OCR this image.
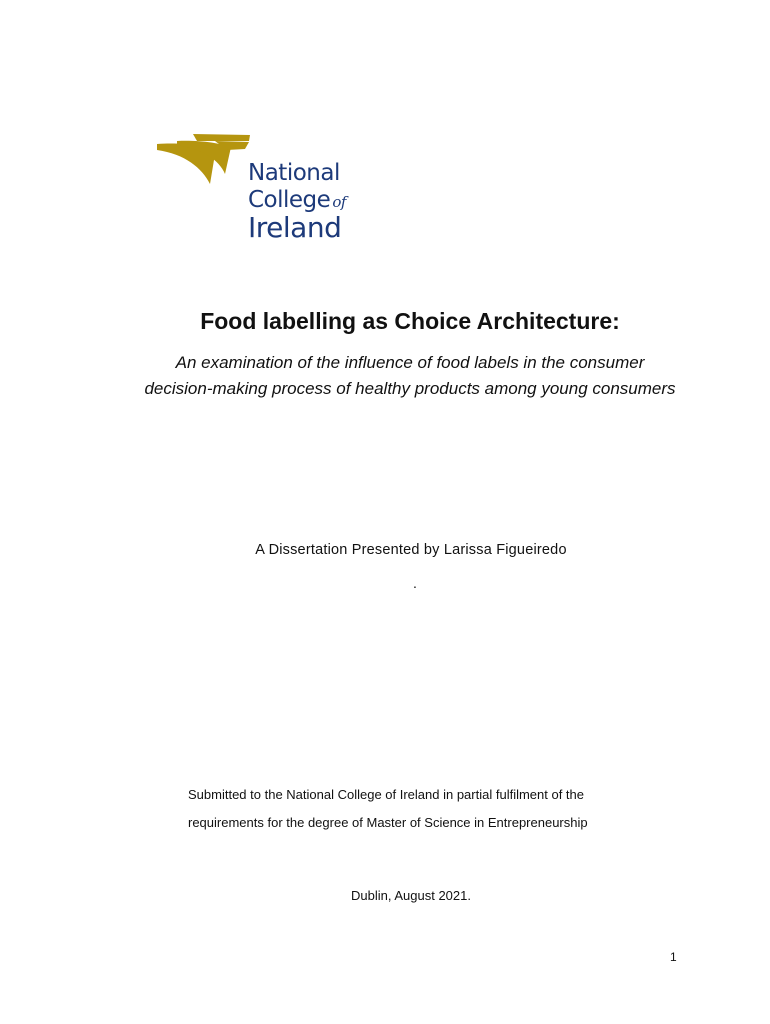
National
College of
Ireland
Food labelling as Choice Architecture:

An examination of the influence of food labels in the consumer decision-making process of healthy products among young consumers

A Dissertation Presented by Larissa Figueiredo
.
Submitted to the National College of Ireland in partial fulfilment of the
requirements for the degree of Master of Science in Entrepreneurship
Dublin, August 2021.
1
